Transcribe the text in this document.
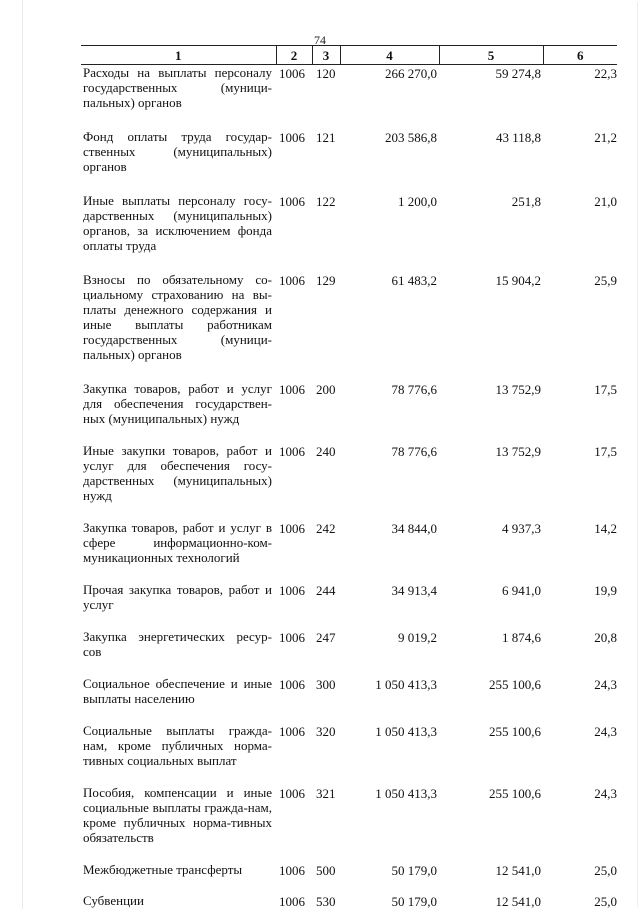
74
1	2	3	4	5	6
Расходы на выплаты персоналу государственных (муници-пальных) органов	1006	120	266 270,0	59 274,8	22,3
Фонд оплаты труда государ-ственных (муниципальных) органов	1006	121	203 586,8	43 118,8	21,2
Иные выплаты персоналу госу-дарственных (муниципальных) органов, за исключением фонда оплаты труда	1006	122	1 200,0	251,8	21,0
Взносы по обязательному со-циальному страхованию на вы-платы денежного содержания и иные выплаты работникам государственных (муници-пальных) органов	1006	129	61 483,2	15 904,2	25,9
Закупка товаров, работ и услуг для обеспечения государствен-ных (муниципальных) нужд	1006	200	78 776,6	13 752,9	17,5
Иные закупки товаров, работ и услуг для обеспечения госу-дарственных (муниципальных) нужд	1006	240	78 776,6	13 752,9	17,5
Закупка товаров, работ и услуг в сфере информационно-ком-муникационных технологий	1006	242	34 844,0	4 937,3	14,2
Прочая закупка товаров, работ и услуг	1006	244	34 913,4	6 941,0	19,9
Закупка энергетических ресур-сов	1006	247	9 019,2	1 874,6	20,8
Социальное обеспечение и иные выплаты населению	1006	300	1 050 413,3	255 100,6	24,3
Социальные выплаты гражда-нам, кроме публичных норма-тивных социальных выплат	1006	320	1 050 413,3	255 100,6	24,3
Пособия, компенсации и иные социальные выплаты гражда-нам, кроме публичных норма-тивных обязательств	1006	321	1 050 413,3	255 100,6	24,3
Межбюджетные трансферты	1006	500	50 179,0	12 541,0	25,0
Субвенции	1006	530	50 179,0	12 541,0	25,0
